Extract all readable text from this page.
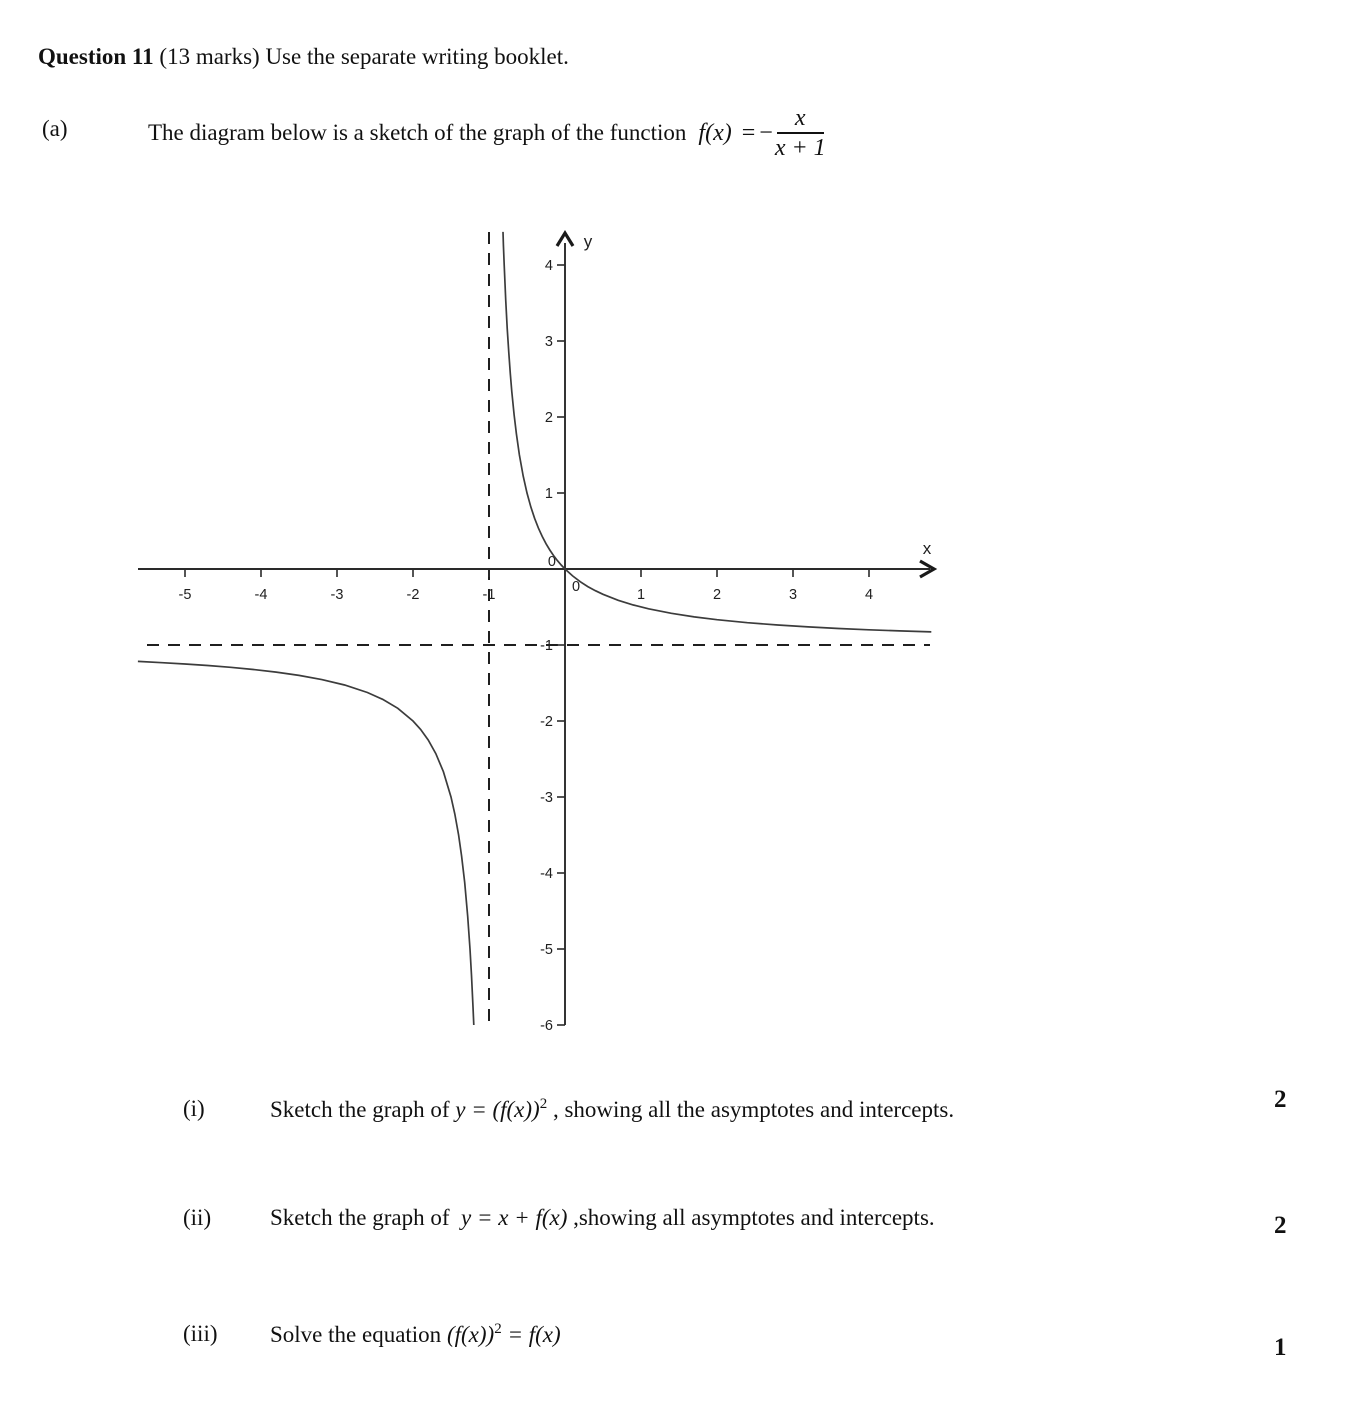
Question 11 (13 marks) Use the separate writing booklet.
(a)	The diagram below is a sketch of the graph of the function f(x) = − $\frac{x}{x + 1}$
-5	-4	-3	-2	-1	1	2	3	4
4
3
2
1
-1
-2
-3
-4
-5
-6
0
0
y
x
(i)	Sketch the graph of $y = (f(x))^2$ , showing all the asymptotes and intercepts.
(ii)	Sketch the graph of  y = x + f(x) ,showing all asymptotes and intercepts.
(iii) Solve the equation $(f(x))^2 = f(x)$
2
2
1
